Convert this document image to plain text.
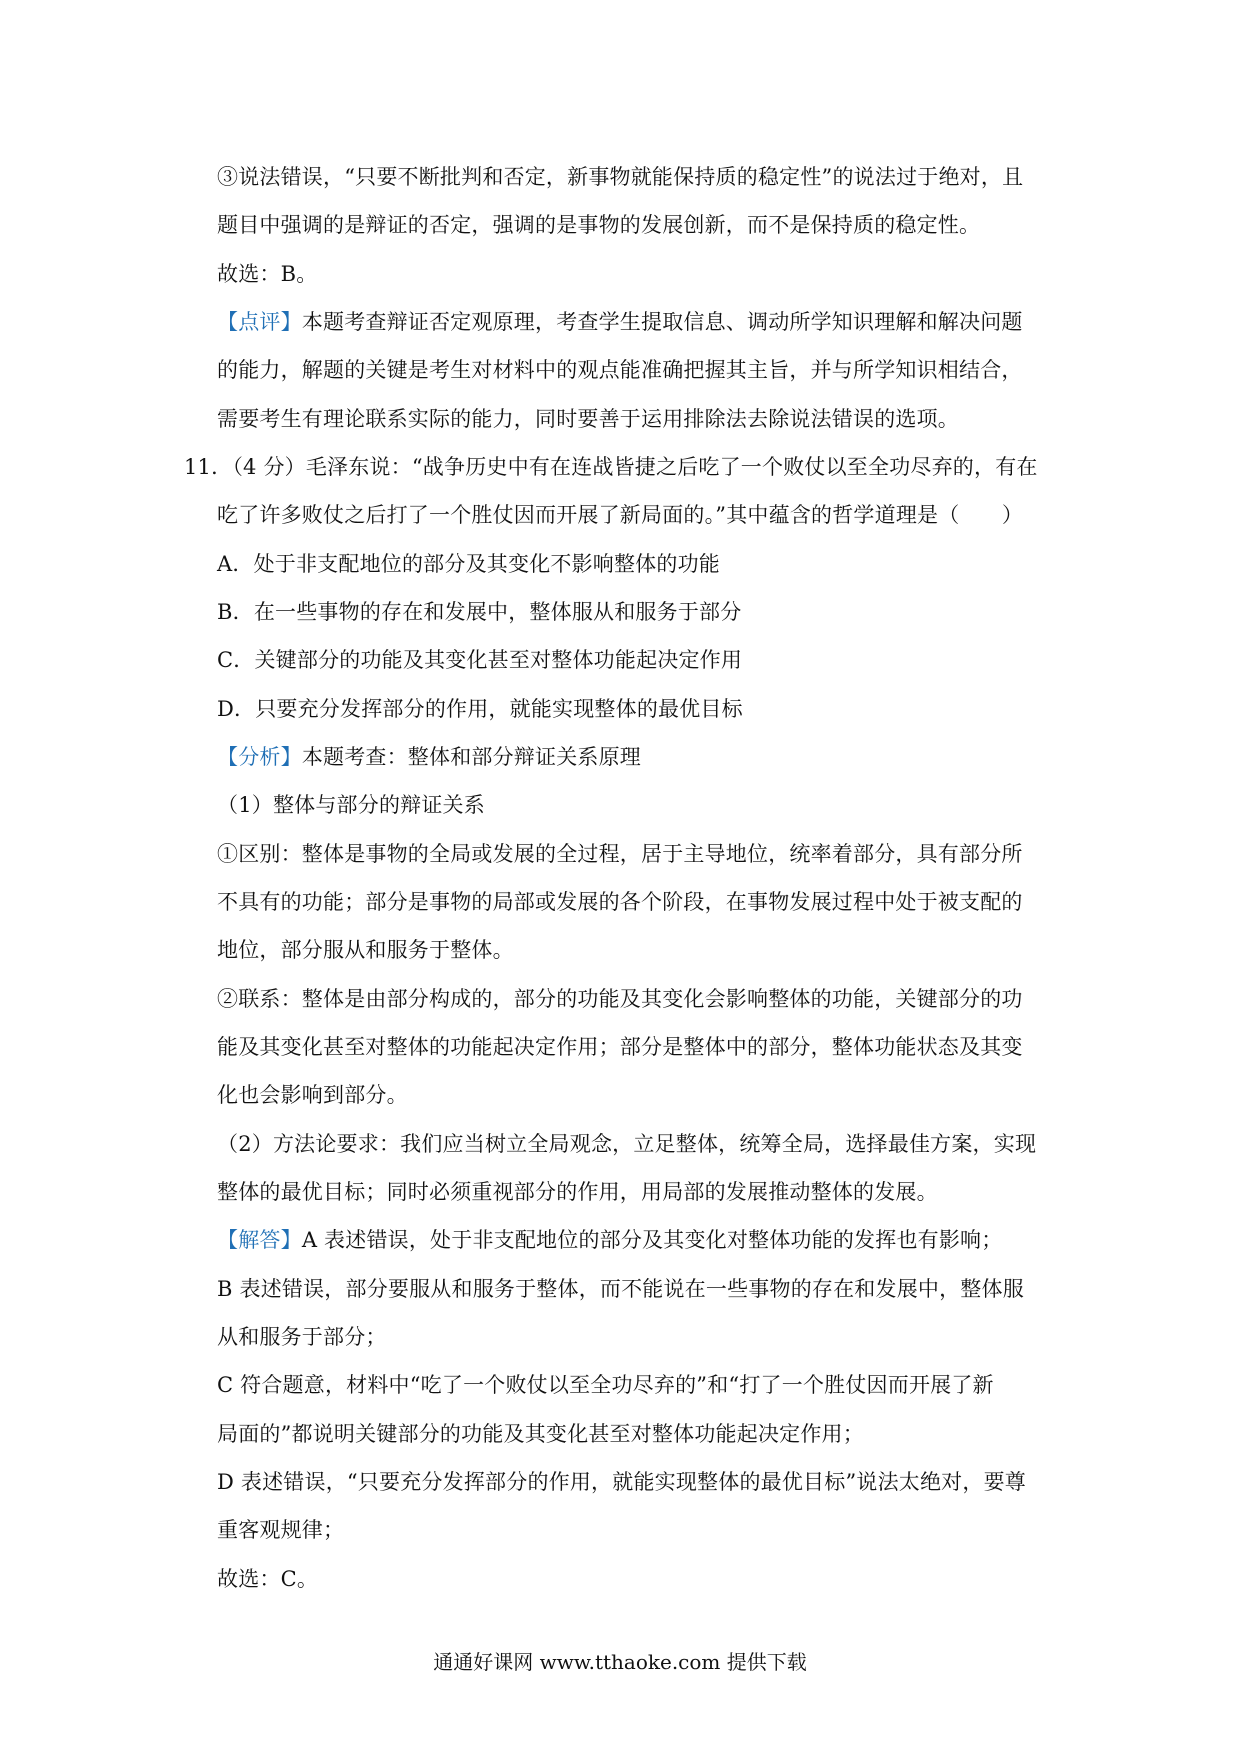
③说法错误，“只要不断批判和否定，新事物就能保持质的稳定性”的说法过于绝对，且
题目中强调的是辩证的否定，强调的是事物的发展创新，而不是保持质的稳定性。
故选：B。
【点评】本题考查辩证否定观原理，考查学生提取信息、调动所学知识理解和解决问题
的能力，解题的关键是考生对材料中的观点能准确把握其主旨，并与所学知识相结合，
需要考生有理论联系实际的能力，同时要善于运用排除法去除说法错误的选项。
11．（4 分）毛泽东说：“战争历史中有在连战皆捷之后吃了一个败仗以至全功尽弃的，有在
吃了许多败仗之后打了一个胜仗因而开展了新局面的。”其中蕴含的哲学道理是（　　）
A．处于非支配地位的部分及其变化不影响整体的功能
B．在一些事物的存在和发展中，整体服从和服务于部分
C．关键部分的功能及其变化甚至对整体功能起决定作用
D．只要充分发挥部分的作用，就能实现整体的最优目标
【分析】本题考查：整体和部分辩证关系原理
（1）整体与部分的辩证关系
①区别：整体是事物的全局或发展的全过程，居于主导地位，统率着部分，具有部分所
不具有的功能；部分是事物的局部或发展的各个阶段，在事物发展过程中处于被支配的
地位，部分服从和服务于整体。
②联系：整体是由部分构成的，部分的功能及其变化会影响整体的功能，关键部分的功
能及其变化甚至对整体的功能起决定作用；部分是整体中的部分，整体功能状态及其变
化也会影响到部分。
（2）方法论要求：我们应当树立全局观念，立足整体，统筹全局，选择最佳方案，实现
整体的最优目标；同时必须重视部分的作用，用局部的发展推动整体的发展。
【解答】A 表述错误，处于非支配地位的部分及其变化对整体功能的发挥也有影响；
B 表述错误，部分要服从和服务于整体，而不能说在一些事物的存在和发展中，整体服
从和服务于部分；
C 符合题意，材料中“吃了一个败仗以至全功尽弃的”和“打了一个胜仗因而开展了新
局面的”都说明关键部分的功能及其变化甚至对整体功能起决定作用；
D 表述错误，“只要充分发挥部分的作用，就能实现整体的最优目标”说法太绝对，要尊
重客观规律；
故选：C。
通通好课网 www.tthaoke.com 提供下载
